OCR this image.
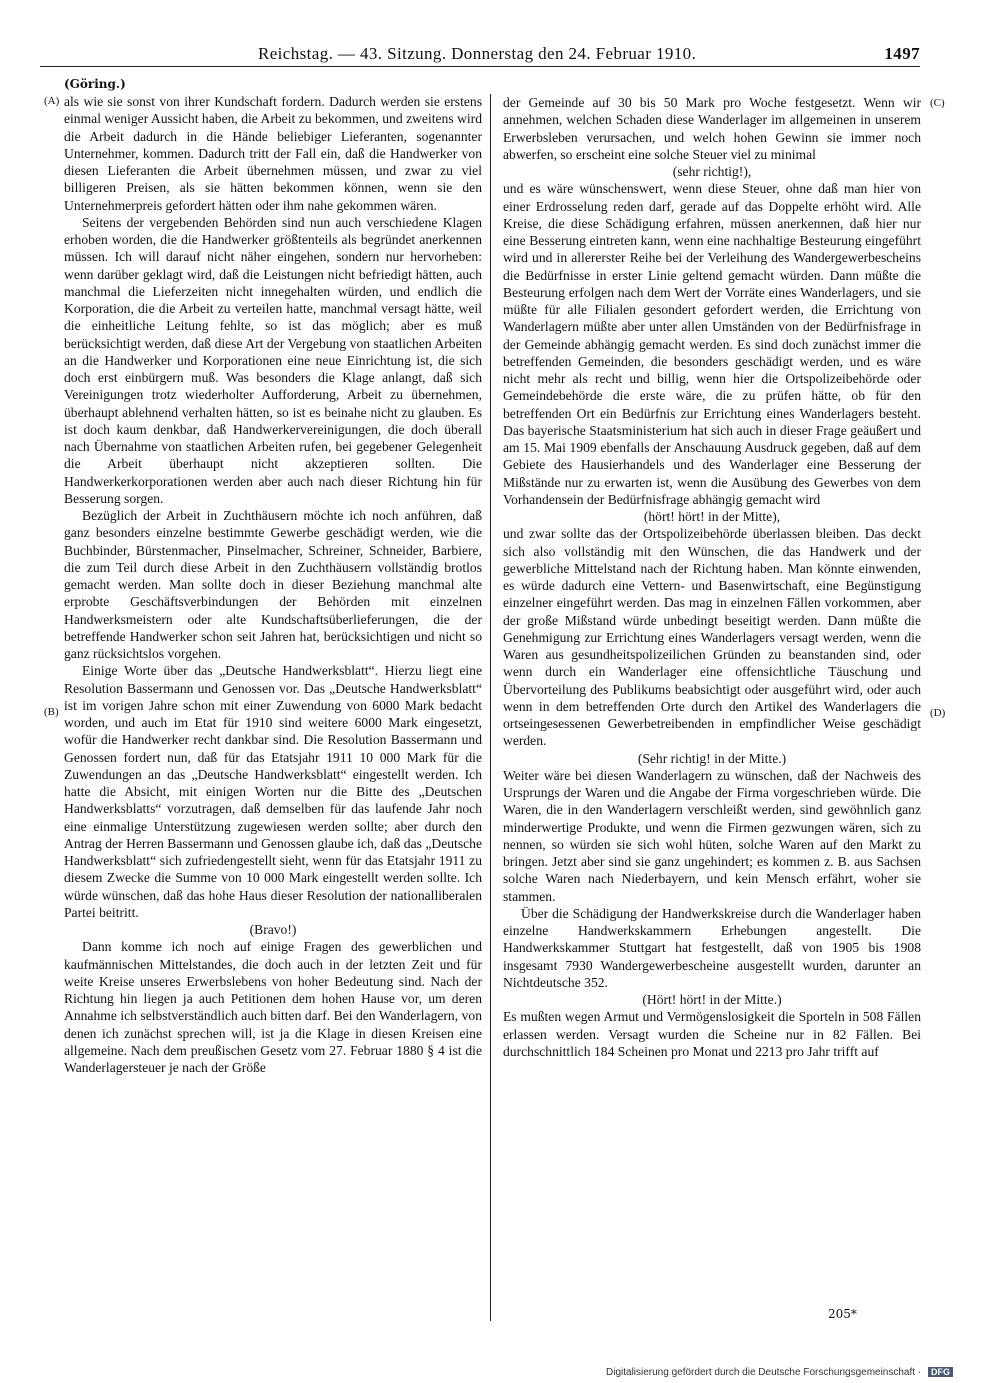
Reichstag. — 43. Sitzung. Donnerstag den 24. Februar 1910.	1497
(Göring.)
(A)
(B)
(C)
(D)

als wie sie sonst von ihrer Kundschaft fordern. Dadurch werden sie erstens einmal weniger Aussicht haben, die Arbeit zu bekommen, und zweitens wird die Arbeit dadurch in die Hände beliebiger Lieferanten, sogenannter Unternehmer, kommen. Dadurch tritt der Fall ein, daß die Handwerker von diesen Lieferanten die Arbeit übernehmen müssen, und zwar zu viel billigeren Preisen, als sie hätten bekommen können, wenn sie den Unternehmerpreis gefordert hätten oder ihm nahe gekommen wären.

Seitens der vergebenden Behörden sind nun auch verschiedene Klagen erhoben worden, die die Handwerker größtenteils als begründet anerkennen müssen. Ich will darauf nicht näher eingehen, sondern nur hervorheben: wenn darüber geklagt wird, daß die Leistungen nicht befriedigt hätten, auch manchmal die Lieferzeiten nicht innegehalten würden, und endlich die Korporation, die die Arbeit zu verteilen hatte, manchmal versagt hätte, weil die einheitliche Leitung fehlte, so ist das möglich; aber es muß berücksichtigt werden, daß diese Art der Vergebung von staatlichen Arbeiten an die Handwerker und Korporationen eine neue Einrichtung ist, die sich doch erst einbürgern muß. Was besonders die Klage anlangt, daß sich Vereinigungen trotz wiederholter Aufforderung, Arbeit zu übernehmen, überhaupt ablehnend verhalten hätten, so ist es beinahe nicht zu glauben. Es ist doch kaum denkbar, daß Handwerkervereinigungen, die doch überall nach Übernahme von staatlichen Arbeiten rufen, bei gegebener Gelegenheit die Arbeit überhaupt nicht akzeptieren sollten. Die Handwerkerkorporationen werden aber auch nach dieser Richtung hin für Besserung sorgen.

Bezüglich der Arbeit in Zuchthäusern möchte ich noch anführen, daß ganz besonders einzelne bestimmte Gewerbe geschädigt werden, wie die Buchbinder, Bürstenmacher, Pinselmacher, Schreiner, Schneider, Barbiere, die zum Teil durch diese Arbeit in den Zuchthäusern vollständig brotlos gemacht werden. Man sollte doch in dieser Beziehung manchmal alte erprobte Geschäftsverbindungen der Behörden mit einzelnen Handwerksmeistern oder alte Kundschaftsüberlieferungen, die der betreffende Handwerker schon seit Jahren hat, berücksichtigen und nicht so ganz rücksichtslos vorgehen.

Einige Worte über das „Deutsche Handwerksblatt“. Hierzu liegt eine Resolution Bassermann und Genossen vor. Das „Deutsche Handwerksblatt“ ist im vorigen Jahre schon mit einer Zuwendung von 6000 Mark bedacht worden, und auch im Etat für 1910 sind weitere 6000 Mark eingesetzt, wofür die Handwerker recht dankbar sind. Die Resolution Bassermann und Genossen fordert nun, daß für das Etatsjahr 1911 10 000 Mark für die Zuwendungen an das „Deutsche Handwerksblatt“ eingestellt werden. Ich hatte die Absicht, mit einigen Worten nur die Bitte des „Deutschen Handwerksblatts“ vorzutragen, daß demselben für das laufende Jahr noch eine einmalige Unterstützung zugewiesen werden sollte; aber durch den Antrag der Herren Bassermann und Genossen glaube ich, daß das „Deutsche Handwerksblatt“ sich zufriedengestellt sieht, wenn für das Etatsjahr 1911 zu diesem Zwecke die Summe von 10 000 Mark eingestellt werden sollte. Ich würde wünschen, daß das hohe Haus dieser Resolution der nationalliberalen Partei beitritt.

(Bravo!)

Dann komme ich noch auf einige Fragen des gewerblichen und kaufmännischen Mittelstandes, die doch auch in der letzten Zeit und für weite Kreise unseres Erwerbslebens von hoher Bedeutung sind. Nach der Richtung hin liegen ja auch Petitionen dem hohen Hause vor, um deren Annahme ich selbstverständlich auch bitten darf. Bei den Wanderlagern, von denen ich zunächst sprechen will, ist ja die Klage in diesen Kreisen eine allgemeine. Nach dem preußischen Gesetz vom 27. Februar 1880 § 4 ist die Wanderlagersteuer je nach der Größe

der Gemeinde auf 30 bis 50 Mark pro Woche festgesetzt. Wenn wir annehmen, welchen Schaden diese Wanderlager im allgemeinen in unserem Erwerbsleben verursachen, und welch hohen Gewinn sie immer noch abwerfen, so erscheint eine solche Steuer viel zu minimal

(sehr richtig!),

und es wäre wünschenswert, wenn diese Steuer, ohne daß man hier von einer Erdrosselung reden darf, gerade auf das Doppelte erhöht wird. Alle Kreise, die diese Schädigung erfahren, müssen anerkennen, daß hier nur eine Besserung eintreten kann, wenn eine nachhaltige Besteurung eingeführt wird und in allererster Reihe bei der Verleihung des Wandergewerbescheins die Bedürfnisse in erster Linie geltend gemacht würden. Dann müßte die Besteurung erfolgen nach dem Wert der Vorräte eines Wanderlagers, und sie müßte für alle Filialen gesondert gefordert werden, die Errichtung von Wanderlagern müßte aber unter allen Umständen von der Bedürfnisfrage in der Gemeinde abhängig gemacht werden. Es sind doch zunächst immer die betreffenden Gemeinden, die besonders geschädigt werden, und es wäre nicht mehr als recht und billig, wenn hier die Ortspolizeibehörde oder Gemeindebehörde die erste wäre, die zu prüfen hätte, ob für den betreffenden Ort ein Bedürfnis zur Errichtung eines Wanderlagers besteht. Das bayerische Staatsministerium hat sich auch in dieser Frage geäußert und am 15. Mai 1909 ebenfalls der Anschauung Ausdruck gegeben, daß auf dem Gebiete des Hausierhandels und des Wanderlager eine Besserung der Mißstände nur zu erwarten ist, wenn die Ausübung des Gewerbes von dem Vorhandensein der Bedürfnisfrage abhängig gemacht wird

(hört! hört! in der Mitte),

und zwar sollte das der Ortspolizeibehörde überlassen bleiben. Das deckt sich also vollständig mit den Wünschen, die das Handwerk und der gewerbliche Mittelstand nach der Richtung haben. Man könnte einwenden, es würde dadurch eine Vettern- und Basenwirtschaft, eine Begünstigung einzelner eingeführt werden. Das mag in einzelnen Fällen vorkommen, aber der große Mißstand würde unbedingt beseitigt werden. Dann müßte die Genehmigung zur Errichtung eines Wanderlagers versagt werden, wenn die Waren aus gesundheitspolizeilichen Gründen zu beanstanden sind, oder wenn durch ein Wanderlager eine offensichtliche Täuschung und Übervorteilung des Publikums beabsichtigt oder ausgeführt wird, oder auch wenn in dem betreffenden Orte durch den Artikel des Wanderlagers die ortseingesessenen Gewerbetreibenden in empfindlicher Weise geschädigt werden.

(Sehr richtig! in der Mitte.)

Weiter wäre bei diesen Wanderlagern zu wünschen, daß der Nachweis des Ursprungs der Waren und die Angabe der Firma vorgeschrieben würde. Die Waren, die in den Wanderlagern verschleißt werden, sind gewöhnlich ganz minderwertige Produkte, und wenn die Firmen gezwungen wären, sich zu nennen, so würden sie sich wohl hüten, solche Waren auf den Markt zu bringen. Jetzt aber sind sie ganz ungehindert; es kommen z. B. aus Sachsen solche Waren nach Niederbayern, und kein Mensch erfährt, woher sie stammen.

Über die Schädigung der Handwerkskreise durch die Wanderlager haben einzelne Handwerkskammern Erhebungen angestellt. Die Handwerkskammer Stuttgart hat festgestellt, daß von 1905 bis 1908 insgesamt 7930 Wandergewerbescheine ausgestellt wurden, darunter an Nichtdeutsche 352.

(Hört! hört! in der Mitte.)

Es mußten wegen Armut und Vermögenslosigkeit die Sporteln in 508 Fällen erlassen werden. Versagt wurden die Scheine nur in 82 Fällen. Bei durchschnittlich 184 Scheinen pro Monat und 2213 pro Jahr trifft auf

205*
Digitalisierung gefördert durch die Deutsche Forschungsgemeinschaft · DFG
